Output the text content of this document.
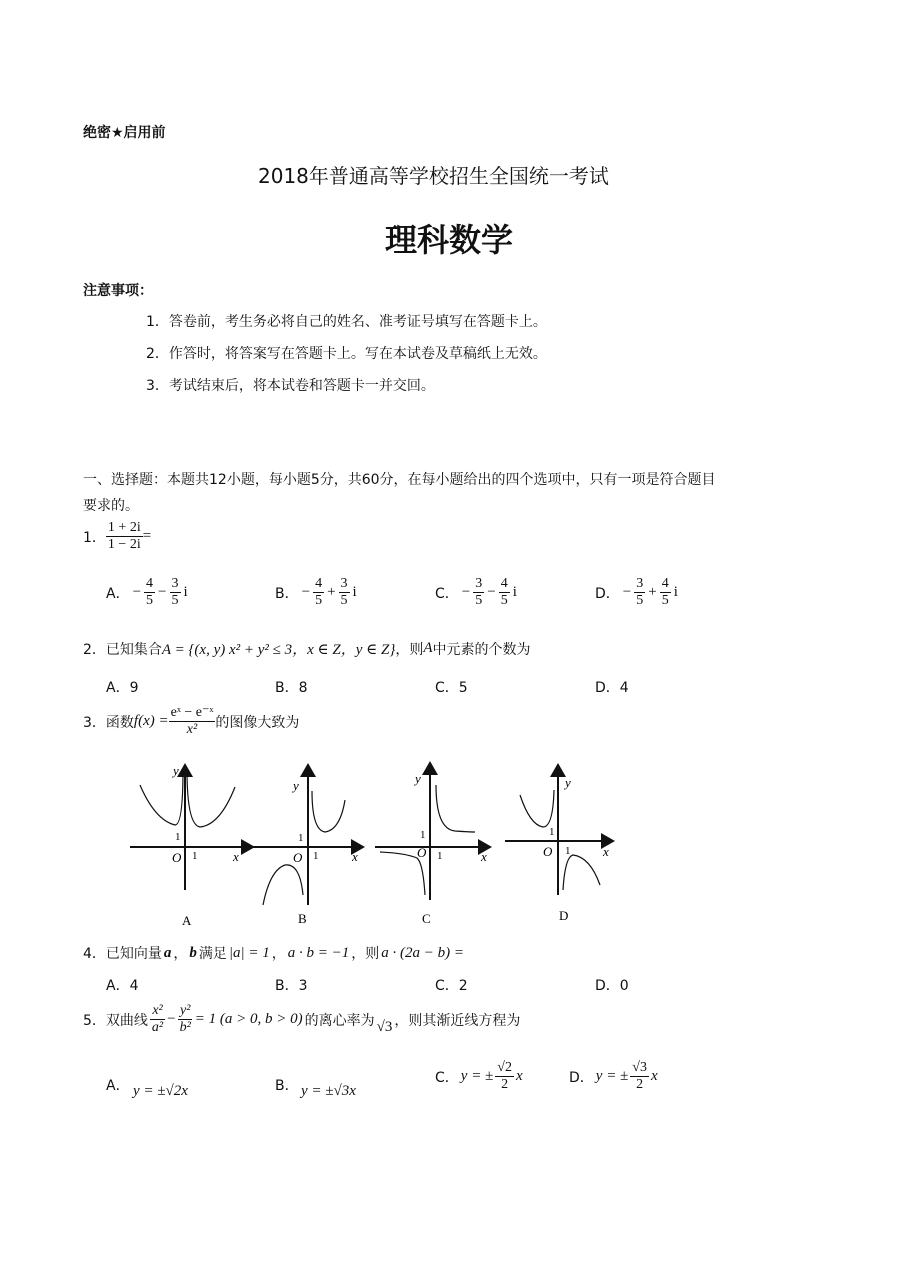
绝密★启用前
2018年普通高等学校招生全国统一考试
理科数学
注意事项：
1．答卷前，考生务必将自己的姓名、准考证号填写在答题卡上。
2．作答时，将答案写在答题卡上。写在本试卷及草稿纸上无效。
3．考试结束后，将本试卷和答题卡一并交回。
一、选择题：本题共12小题，每小题5分，共60分，在每小题给出的四个选项中，只有一项是符合题目
要求的。
1． $\frac{1 + 2i}{1 - 2i}$ =
A． − $\frac{4}{5} - \frac{3}{5}$ i	B． − $\frac{4}{5} + \frac{3}{5}$ i	C． − $\frac{3}{5} - \frac{4}{5}$ i	D． − $\frac{3}{5} + \frac{4}{5}$ i
2．已知集合 A = {(x, y) x² + y² ≤ 3，x ∈ Z，y ∈ Z} ，则 A 中元素的个数为
A．9	B．8	C．5	D．4
3．函数 $f(x) = \frac{\text{eˣ − e⁻ˣ}}{\text{x²}}$ 的图像大致为
y
1
O 1	x
A
y
1
O 1	x
B
y
1
O 1	x
C
y
1
O 1	x
D
4．已知向量 a ， b 满足 |a| = 1 ， a · b = −1 ，则 a · (2a − b) =
A．4	B．3	C．2	D．0
5．双曲线 $\frac{\text{x²}}{\text{a²}} - \frac{\text{y²}}{\text{b²}} = 1$ (a > 0, b > 0) 的离心率为 √3 ，则其渐近线方程为
A． y = ±√2x	B． y = ±√3x
C． y = ± $\frac{√2}{2}$ x	D． y = ± $\frac{√3}{2}$ x
